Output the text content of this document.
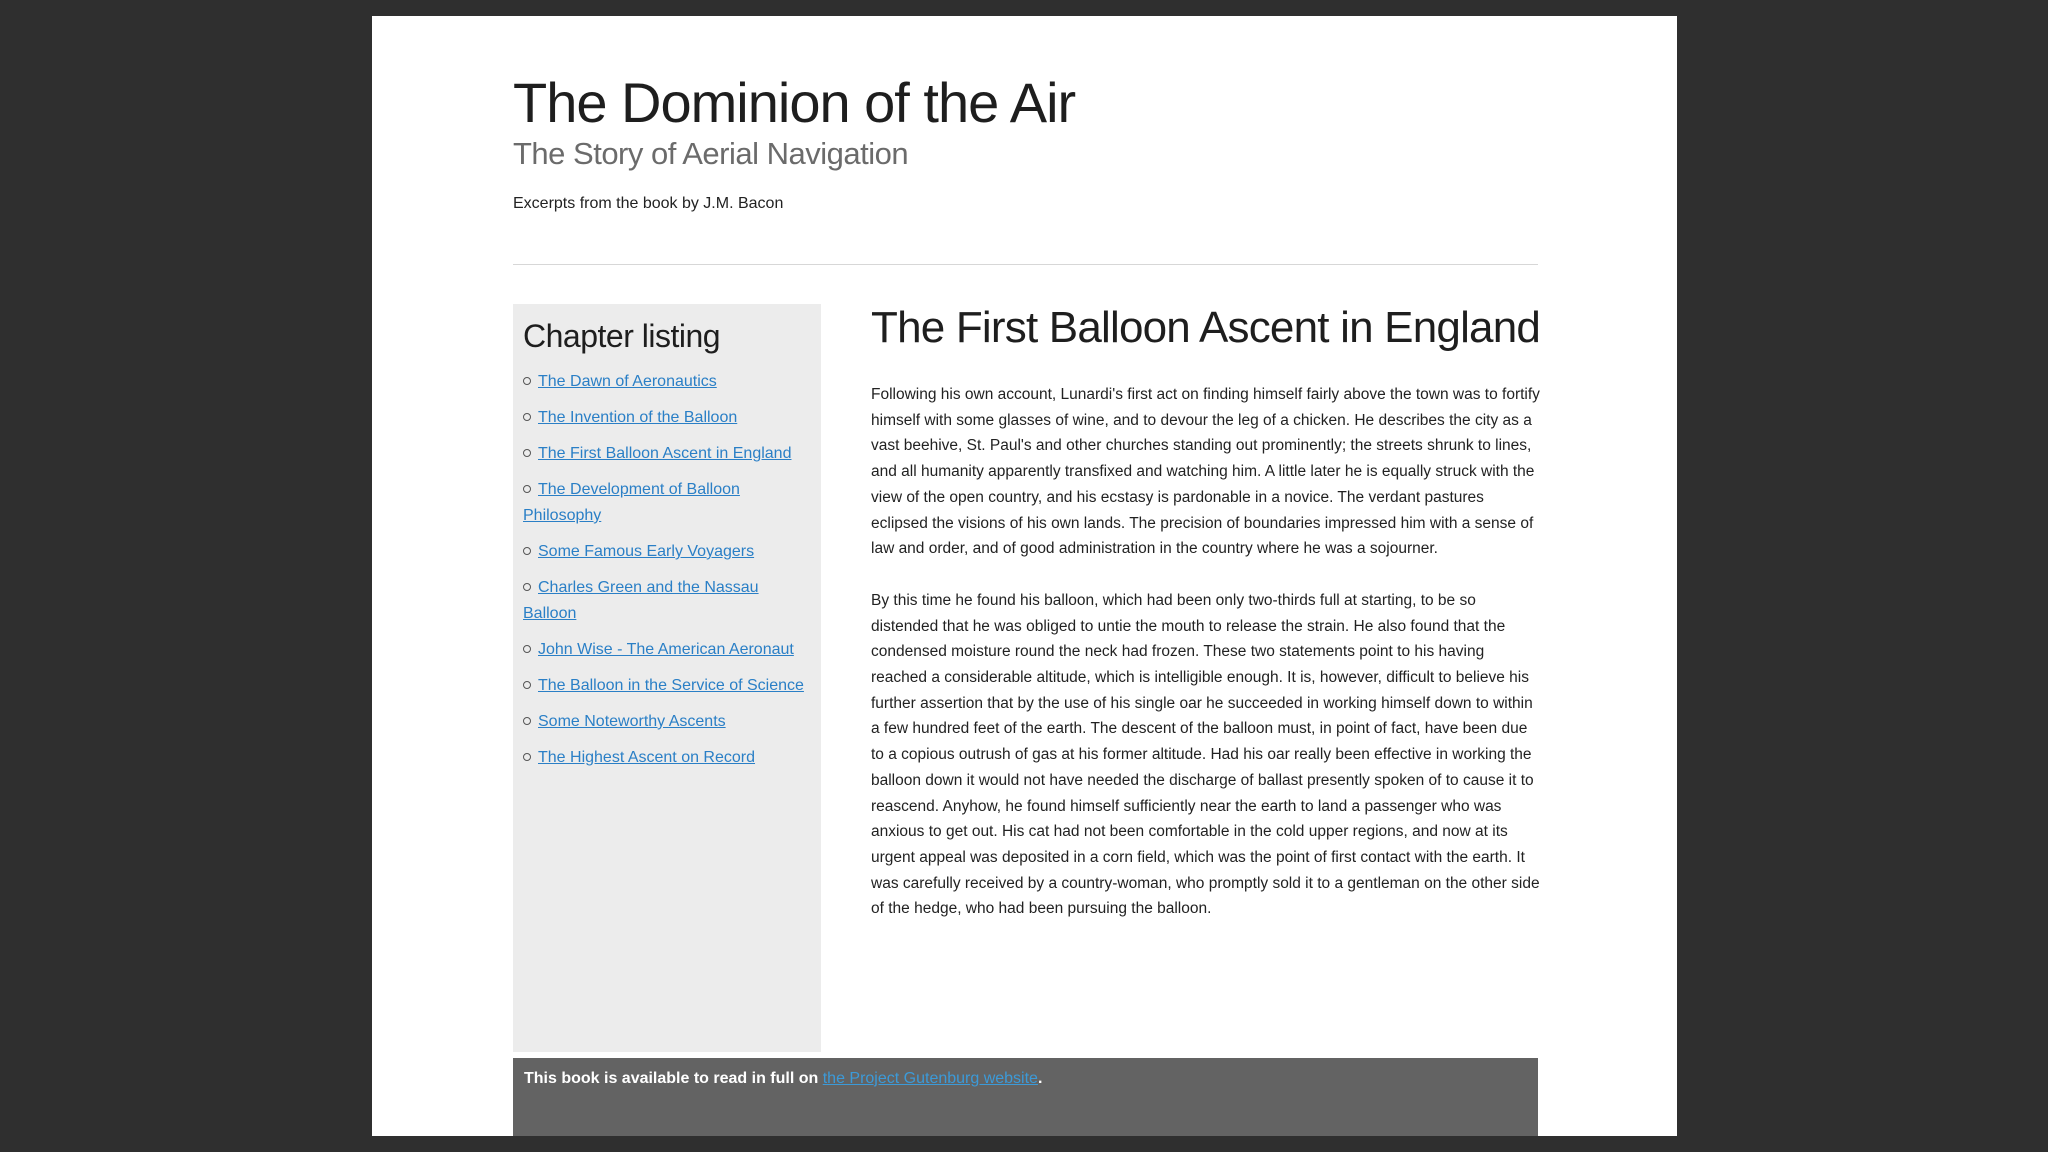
The Dominion of the Air
The Story of Aerial Navigation

Excerpts from the book by J.M. Bacon

Chapter listing
The Dawn of Aeronautics
The Invention of the Balloon
The First Balloon Ascent in England
The Development of Balloon Philosophy
Some Famous Early Voyagers
Charles Green and the Nassau Balloon
John Wise - The American Aeronaut
The Balloon in the Service of Science
Some Noteworthy Ascents
The Highest Ascent on Record
The First Balloon Ascent in England

Following his own account, Lunardi's first act on finding himself fairly above the town was to fortify himself with some glasses of wine, and to devour the leg of a chicken. He describes the city as a vast beehive, St. Paul's and other churches standing out prominently; the streets shrunk to lines, and all humanity apparently transfixed and watching him. A little later he is equally struck with the view of the open country, and his ecstasy is pardonable in a novice. The verdant pastures eclipsed the visions of his own lands. The precision of boundaries impressed him with a sense of law and order, and of good administration in the country where he was a sojourner.

By this time he found his balloon, which had been only two-thirds full at starting, to be so distended that he was obliged to untie the mouth to release the strain. He also found that the condensed moisture round the neck had frozen. These two statements point to his having reached a considerable altitude, which is intelligible enough. It is, however, difficult to believe his further assertion that by the use of his single oar he succeeded in working himself down to within a few hundred feet of the earth. The descent of the balloon must, in point of fact, have been due to a copious outrush of gas at his former altitude. Had his oar really been effective in working the balloon down it would not have needed the discharge of ballast presently spoken of to cause it to reascend. Anyhow, he found himself sufficiently near the earth to land a passenger who was anxious to get out. His cat had not been comfortable in the cold upper regions, and now at its urgent appeal was deposited in a corn field, which was the point of first contact with the earth. It was carefully received by a country-woman, who promptly sold it to a gentleman on the other side of the hedge, who had been pursuing the balloon.

This book is available to read in full on the Project Gutenburg website.
